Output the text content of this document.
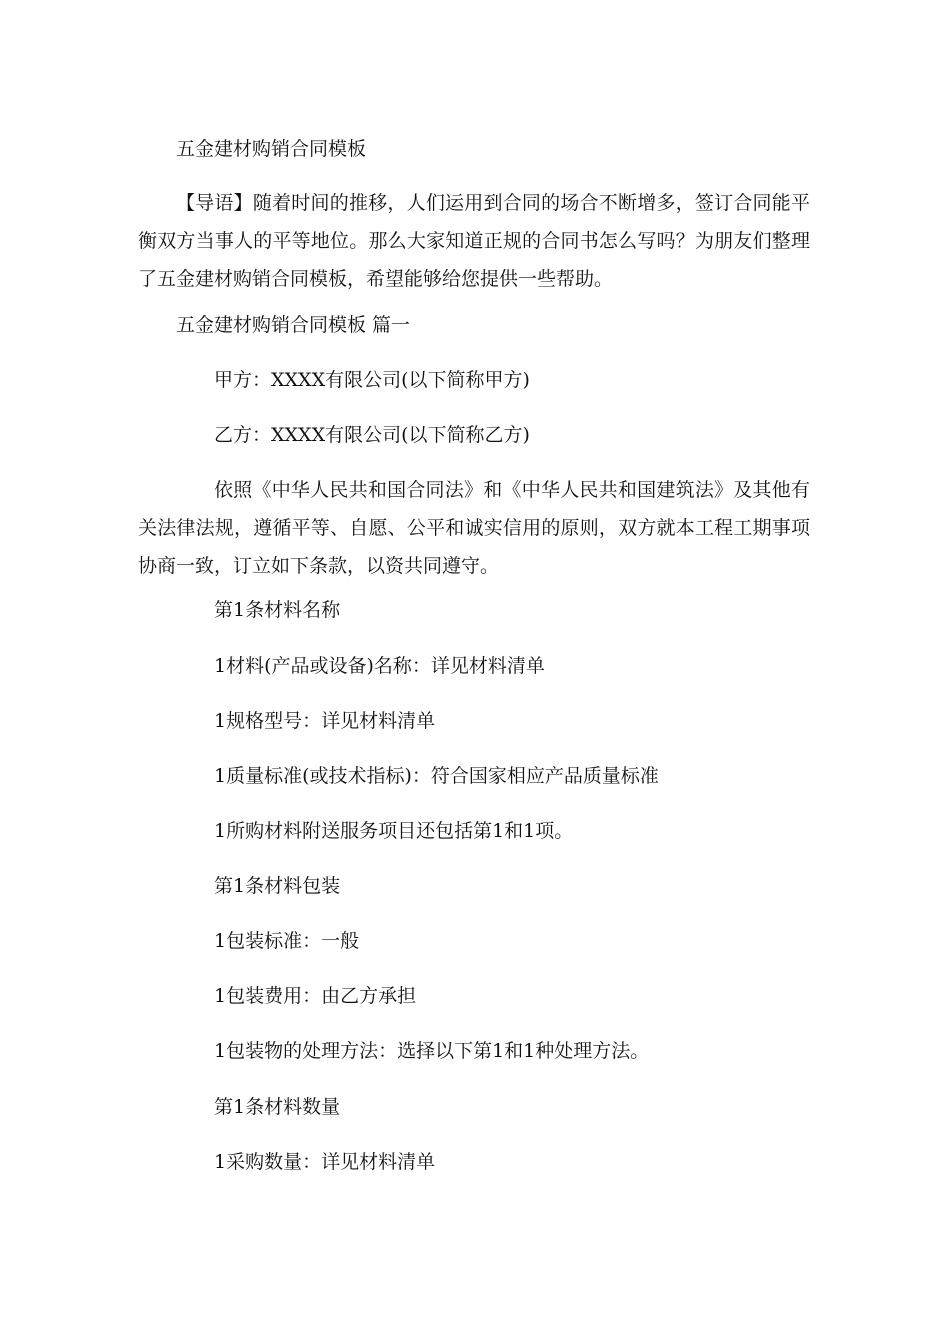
五金建材购销合同模板
【导语】随着时间的推移，人们运用到合同的场合不断增多，签订合同能平衡双方当事人的平等地位。那么大家知道正规的合同书怎么写吗？为朋友们整理了五金建材购销合同模板，希望能够给您提供一些帮助。
五金建材购销合同模板 篇一
甲方：XXXX有限公司(以下简称甲方)
乙方：XXXX有限公司(以下简称乙方)
依照《中华人民共和国合同法》和《中华人民共和国建筑法》及其他有关法律法规，遵循平等、自愿、公平和诚实信用的原则，双方就本工程工期事项协商一致，订立如下条款，以资共同遵守。
第1条材料名称
1材料(产品或设备)名称：详见材料清单
1规格型号：详见材料清单
1质量标准(或技术指标)：符合国家相应产品质量标准
1所购材料附送服务项目还包括第1和1项。
第1条材料包装
1包装标准：一般
1包装费用：由乙方承担
1包装物的处理方法：选择以下第1和1种处理方法。
第1条材料数量
1采购数量：详见材料清单
